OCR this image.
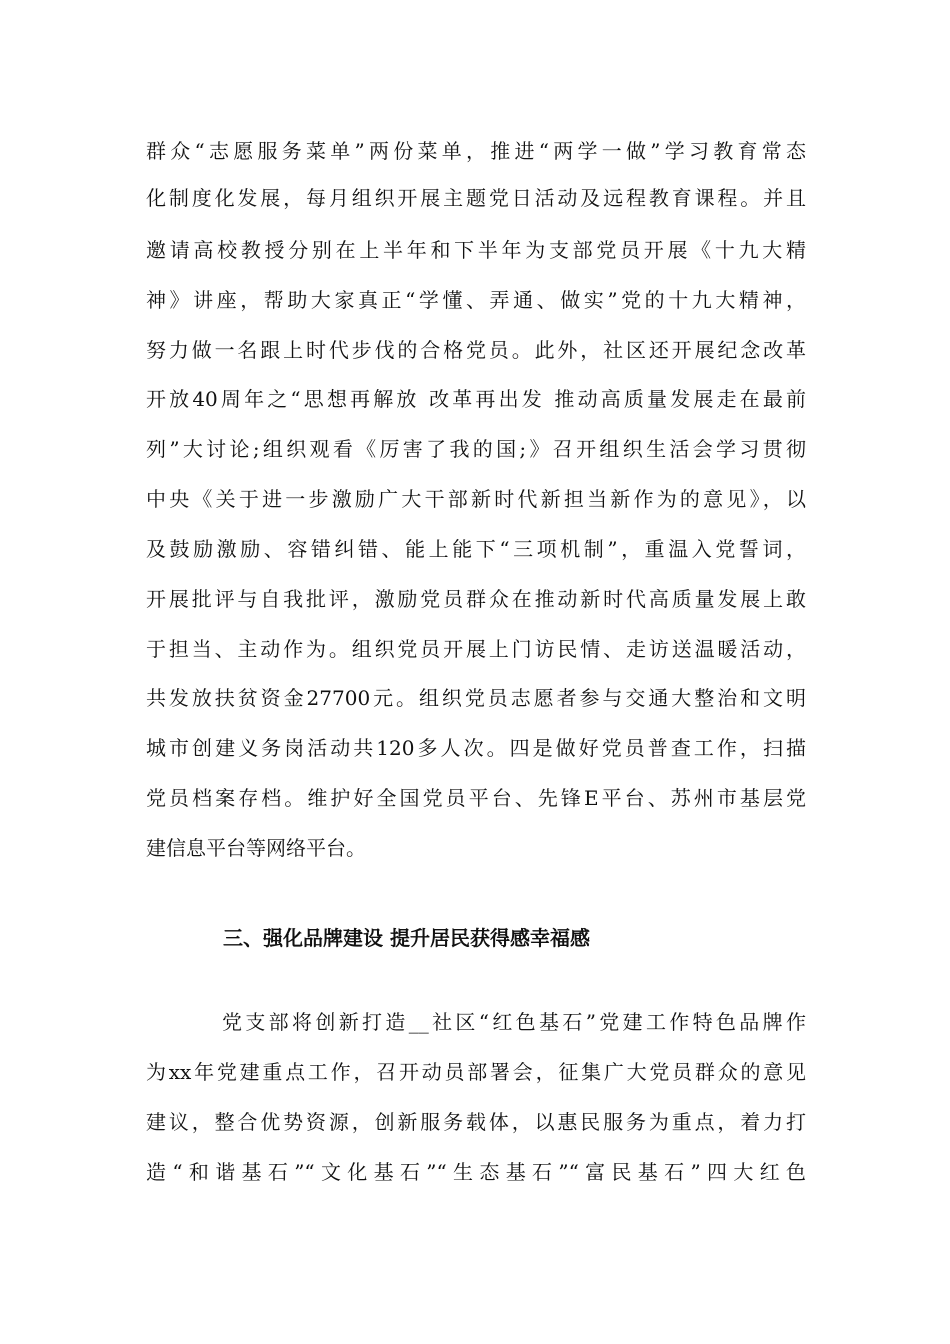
群众“志愿服务菜单”两份菜单，推进“两学一做”学习教育常态
化制度化发展，每月组织开展主题党日活动及远程教育课程。并且
邀请高校教授分别在上半年和下半年为支部党员开展《十九大精
神》讲座，帮助大家真正“学懂、弄通、做实”党的十九大精神，
努力做一名跟上时代步伐的合格党员。此外，社区还开展纪念改革
开放40周年之“思想再解放 改革再出发 推动高质量发展走在最前
列”大讨论;组织观看《厉害了我的国;》召开组织生活会学习贯彻
中央《关于进一步激励广大干部新时代新担当新作为的意见》，以
及鼓励激励、容错纠错、能上能下“三项机制”，重温入党誓词，
开展批评与自我批评，激励党员群众在推动新时代高质量发展上敢
于担当、主动作为。组织党员开展上门访民情、走访送温暖活动，
共发放扶贫资金27700元。组织党员志愿者参与交通大整治和文明
城市创建义务岗活动共120多人次。四是做好党员普查工作，扫描
党员档案存档。维护好全国党员平台、先锋E平台、苏州市基层党
建信息平台等网络平台。
三、强化品牌建设 提升居民获得感幸福感
党支部将创新打造__社区“红色基石”党建工作特色品牌作
为xx年党建重点工作，召开动员部署会，征集广大党员群众的意见
建议，整合优势资源，创新服务载体，以惠民服务为重点，着力打
造“和谐基石”“文化基石”“生态基石”“富民基石”四大红色
